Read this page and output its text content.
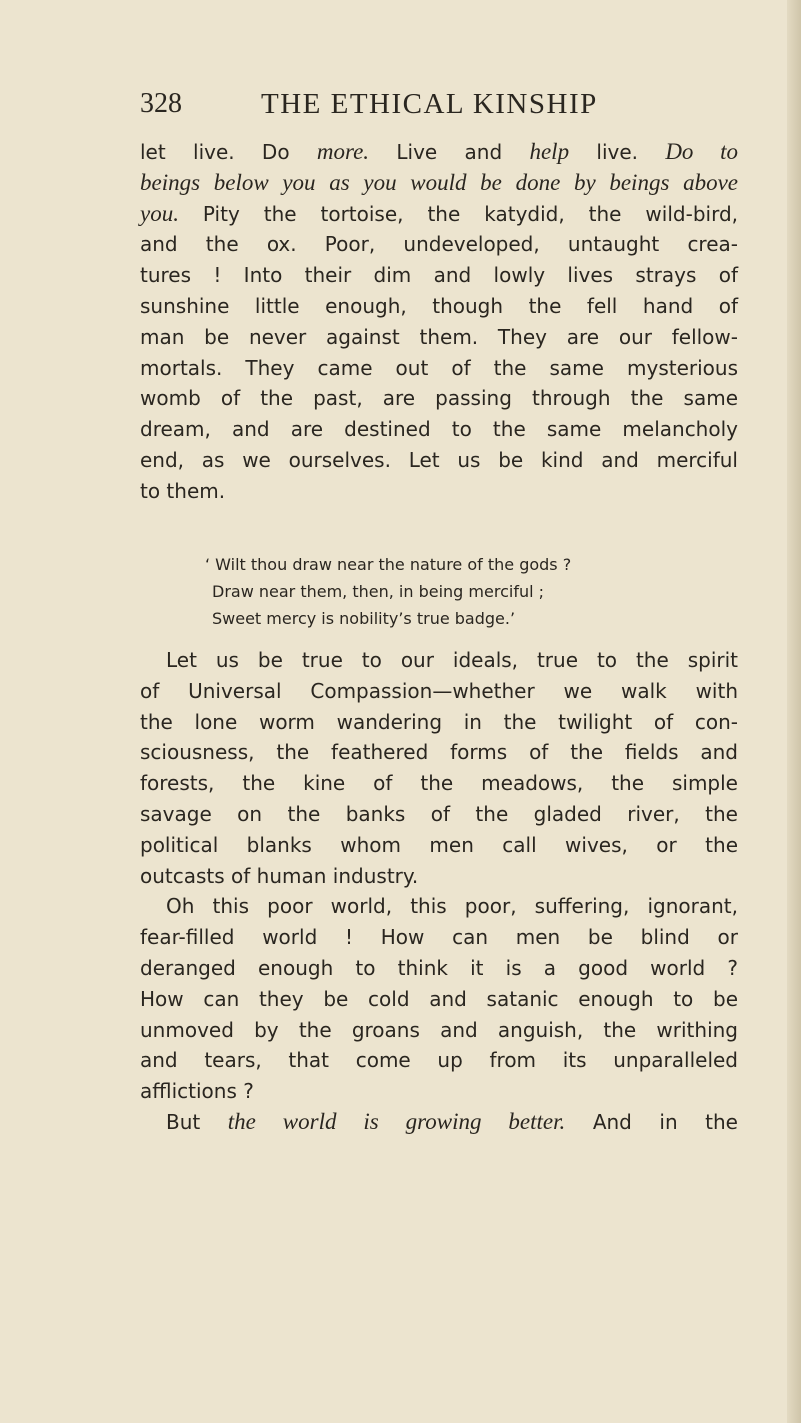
328	THE ETHICAL KINSHIP
let live. Do more. Live and help live. Do to
beings below you as you would be done by beings above
you. Pity the tortoise, the katydid, the wild-bird,
and the ox. Poor, undeveloped, untaught crea-
tures ! Into their dim and lowly lives strays of
sunshine little enough, though the fell hand of
man be never against them. They are our fellow-
mortals. They came out of the same mysterious
womb of the past, are passing through the same
dream, and are destined to the same melancholy
end, as we ourselves. Let us be kind and merciful
to them.
‘ Wilt thou draw near the nature of the gods ?
Draw near them, then, in being merciful ;
Sweet mercy is nobility’s true badge.’
Let us be true to our ideals, true to the spirit
of Universal Compassion—whether we walk with
the lone worm wandering in the twilight of con-
sciousness, the feathered forms of the fields and
forests, the kine of the meadows, the simple
savage on the banks of the gladed river, the
political blanks whom men call wives, or the
outcasts of human industry.
Oh this poor world, this poor, suffering, ignorant,
fear-filled world ! How can men be blind or
deranged enough to think it is a good world ?
How can they be cold and satanic enough to be
unmoved by the groans and anguish, the writhing
and tears, that come up from its unparalleled
afflictions ?
But the world is growing better. And in the
